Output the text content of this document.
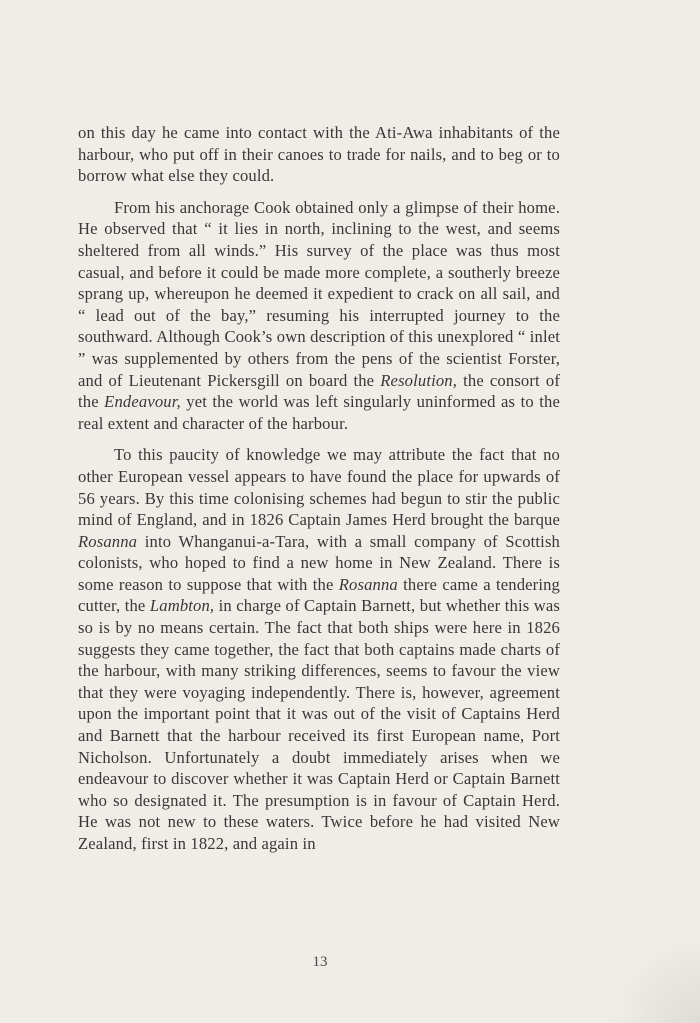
on this day he came into contact with the Ati-Awa inhabitants of the harbour, who put off in their canoes to trade for nails, and to beg or to borrow what else they could.

From his anchorage Cook obtained only a glimpse of their home. He observed that “ it lies in north, inclining to the west, and seems sheltered from all winds.” His survey of the place was thus most casual, and before it could be made more complete, a southerly breeze sprang up, whereupon he deemed it expedient to crack on all sail, and “ lead out of the bay,” resuming his interrupted journey to the southward. Although Cook’s own description of this unexplored “ inlet ” was supplemented by others from the pens of the scientist Forster, and of Lieutenant Pickersgill on board the Resolution, the consort of the Endeavour, yet the world was left singularly uninformed as to the real extent and character of the harbour.

To this paucity of knowledge we may attribute the fact that no other European vessel appears to have found the place for upwards of 56 years. By this time colonising schemes had begun to stir the public mind of England, and in 1826 Captain James Herd brought the barque Rosanna into Whanganui-a-Tara, with a small company of Scottish colonists, who hoped to find a new home in New Zealand. There is some reason to suppose that with the Rosanna there came a tendering cutter, the Lambton, in charge of Captain Barnett, but whether this was so is by no means certain. The fact that both ships were here in 1826 suggests they came together, the fact that both captains made charts of the harbour, with many striking differences, seems to favour the view that they were voyaging independently. There is, however, agreement upon the important point that it was out of the visit of Captains Herd and Barnett that the harbour received its first European name, Port Nicholson. Unfortunately a doubt immediately arises when we endeavour to discover whether it was Captain Herd or Captain Barnett who so designated it. The presumption is in favour of Captain Herd. He was not new to these waters. Twice before he had visited New Zealand, first in 1822, and again in

13
